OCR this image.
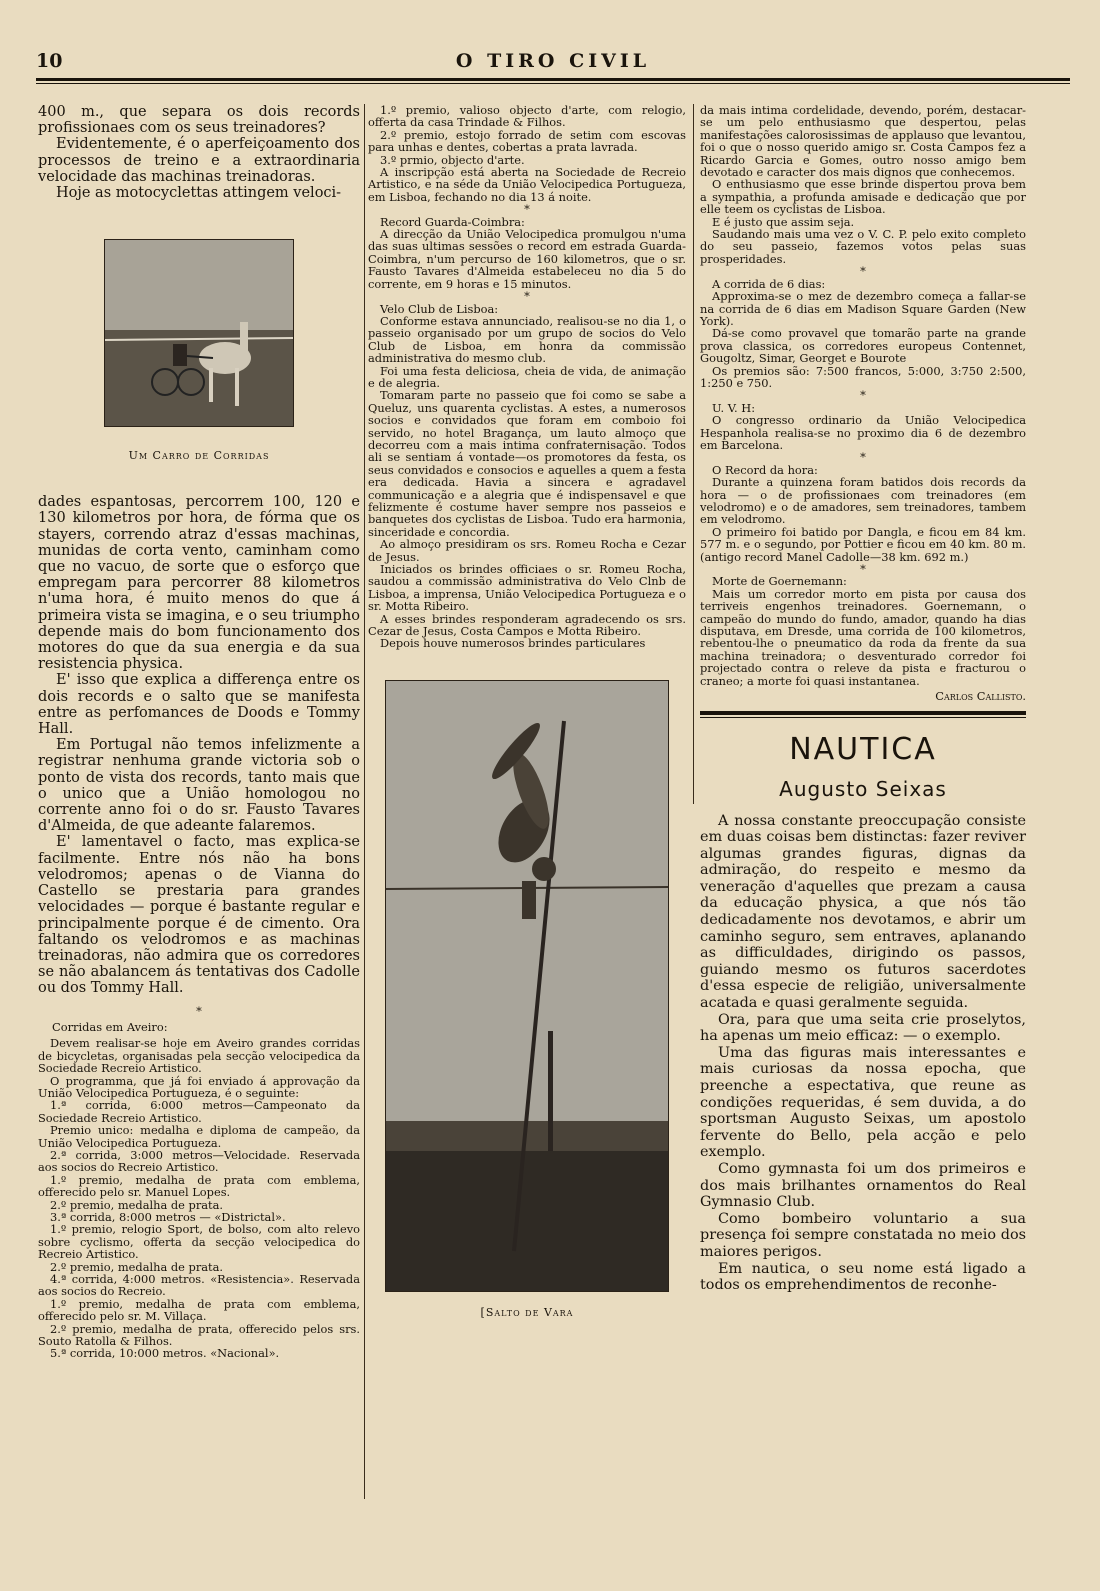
10	O TIRO CIVIL

400 m., que separa os dois records profissionaes com os seus treinadores?

Evidentemente, é o aperfeiçoamento dos processos de treino e a extraordinaria velocidade das machinas treinadoras.

Hoje as motocyclettas attingem veloci-

Um Carro de Corridas

dades espantosas, percorrem 100, 120 e 130 kilometros por hora, de fórma que os stayers, correndo atraz d'essas machinas, munidas de corta vento, caminham como que no vacuo, de sorte que o esforço que empregam para percorrer 88 kilometros n'uma hora, é muito menos do que á primeira vista se imagina, e o seu triumpho depende mais do bom funcionamento dos motores do que da sua energia e da sua resistencia physica.

E' isso que explica a differença entre os dois records e o salto que se manifesta entre as perfomances de Doods e Tommy Hall.

Em Portugal não temos infelizmente a registrar nenhuma grande victoria sob o ponto de vista dos records, tanto mais que o unico que a União homologou no corrente anno foi o do sr. Fausto Tavares d'Almeida, de que adeante falaremos.

E' lamentavel o facto, mas explica-se facilmente. Entre nós não ha bons velodromos; apenas o de Vianna do Castello se prestaria para grandes velocidades — porque é bastante regular e principalmente porque é de cimento. Ora faltando os velodromos e as machinas treinadoras, não admira que os corredores se não abalancem ás tentativas dos Cadolle ou dos Tommy Hall.

*

Corridas em Aveiro:

Devem realisar-se hoje em Aveiro grandes corridas de bicycletas, organisadas pela secção velocipedica da Sociedade Recreio Artistico.

O programma, que já foi enviado á approvação da União Velocipedica Portugueza, é o seguinte:

1.ª corrida, 6:000 metros—Campeonato da Sociedade Recreio Artistico.

Premio unico: medalha e diploma de campeão, da União Velocipedica Portugueza.

2.ª corrida, 3:000 metros—Velocidade. Reservada aos socios do Recreio Artistico.

1.º premio, medalha de prata com emblema, offerecido pelo sr. Manuel Lopes.

2.º premio, medalha de prata.

3.ª corrida, 8:000 metros — «Districtal».

1.º premio, relogio Sport, de bolso, com alto relevo sobre cyclismo, offerta da secção velocipedica do Recreio Artistico.

2.º premio, medalha de prata.

4.ª corrida, 4:000 metros. «Resistencia». Reservada aos socios do Recreio.

1.º premio, medalha de prata com emblema, offerecido pelo sr. M. Villaça.

2.º premio, medalha de prata, offerecido pelos srs. Souto Ratolla & Filhos.

5.ª corrida, 10:000 metros. «Nacional».

1.º premio, valioso objecto d'arte, com relogio, offerta da casa Trindade & Filhos.

2.º premio, estojo forrado de setim com escovas para unhas e dentes, cobertas a prata lavrada.

3.º prmio, objecto d'arte.

A inscripção está aberta na Sociedade de Recreio Artistico, e na séde da União Velocipedica Portugueza, em Lisboa, fechando no dia 13 á noite.

*

Record Guarda-Coimbra:

A direcção da União Velocipedica promulgou n'uma das suas ultimas sessões o record em estrada Guarda-Coimbra, n'um percurso de 160 kilometros, que o sr. Fausto Tavares d'Almeida estabeleceu no dia 5 do corrente, em 9 horas e 15 minutos.

*

Velo Club de Lisboa:

Conforme estava annunciado, realisou-se no dia 1, o passeio organisado por um grupo de socios do Velo Club de Lisboa, em honra da commissão administrativa do mesmo club.

Foi uma festa deliciosa, cheia de vida, de animação e de alegria.

Tomaram parte no passeio que foi como se sabe a Queluz, uns quarenta cyclistas. A estes, a numerosos socios e convidados que foram em comboio foi servido, no hotel Bragança, um lauto almoço que decorreu com a mais intima confraternisação. Todos ali se sentiam á vontade—os promotores da festa, os seus convidados e consocios e aquelles a quem a festa era dedicada. Havia a sincera e agradavel communicação e a alegria que é indispensavel e que felizmente é costume haver sempre nos passeios e banquetes dos cyclistas de Lisboa. Tudo era harmonia, sinceridade e concordia.

Ao almoço presidiram os srs. Romeu Rocha e Cezar de Jesus.

Iniciados os brindes officiaes o sr. Romeu Rocha, saudou a commissão administrativa do Velo Clnb de Lisboa, a imprensa, União Velocipedica Portugueza e o sr. Motta Ribeiro.

A esses brindes responderam agradecendo os srs. Cezar de Jesus, Costa Campos e Motta Ribeiro.

Depois houve numerosos brindes particulares

[Salto de Vara

da mais intima cordelidade, devendo, porém, destacar-se um pelo enthusiasmo que despertou, pelas manifestações calorosissimas de applauso que levantou, foi o que o nosso querido amigo sr. Costa Campos fez a Ricardo Garcia e Gomes, outro nosso amigo bem devotado e caracter dos mais dignos que conhecemos.

O enthusiasmo que esse brinde dispertou prova bem a sympathia, a profunda amisade e dedicação que por elle teem os cyclistas de Lisboa.

E é justo que assim seja.

Saudando mais uma vez o V. C. P. pelo exito completo do seu passeio, fazemos votos pelas suas prosperidades.

*

A corrida de 6 dias:

Approxima-se o mez de dezembro começa a fallar-se na corrida de 6 dias em Madison Square Garden (New York).

Dá-se como provavel que tomarão parte na grande prova classica, os corredores europeus Contennet, Gougoltz, Simar, Georget e Bourote

Os premios são: 7:500 francos, 5:000, 3:750 2:500, 1:250 e 750.

*

U. V. H:

O congresso ordinario da União Velocipedica Hespanhola realisa-se no proximo dia 6 de dezembro em Barcelona.

*

O Record da hora:

Durante a quinzena foram batidos dois records da hora — o de profissionaes com treinadores (em velodromo) e o de amadores, sem treinadores, tambem em velodromo.

O primeiro foi batido por Dangla, e ficou em 84 km. 577 m. e o segundo, por Pottier e ficou em 40 km. 80 m. (antigo record Manel Cadolle—38 km. 692 m.)

*

Morte de Goernemann:

Mais um corredor morto em pista por causa dos terriveis engenhos treinadores. Goernemann, o campeão do mundo do fundo, amador, quando ha dias disputava, em Dresde, uma corrida de 100 kilometros, rebentou-lhe o pneumatico da roda da frente da sua machina treinadora; o desventurado corredor foi projectado contra o releve da pista e fracturou o craneo; a morte foi quasi instantanea.

Carlos Callisto.

NAUTICA
Augusto Seixas

A nossa constante preoccupação consiste em duas coisas bem distinctas: fazer reviver algumas grandes figuras, dignas da admiração, do respeito e mesmo da veneração d'aquelles que prezam a causa da educação physica, a que nós tão dedicadamente nos devotamos, e abrir um caminho seguro, sem entraves, aplanando as difficuldades, dirigindo os passos, guiando mesmo os futuros sacerdotes d'essa especie de religião, universalmente acatada e quasi geralmente seguida.

Ora, para que uma seita crie proselytos, ha apenas um meio efficaz: — o exemplo.

Uma das figuras mais interessantes e mais curiosas da nossa epocha, que preenche a espectativa, que reune as condições requeridas, é sem duvida, a do sportsman Augusto Seixas, um apostolo fervente do Bello, pela acção e pelo exemplo.

Como gymnasta foi um dos primeiros e dos mais brilhantes ornamentos do Real Gymnasio Club.

Como bombeiro voluntario a sua presença foi sempre constatada no meio dos maiores perigos.

Em nautica, o seu nome está ligado a todos os emprehendimentos de reconhe-
